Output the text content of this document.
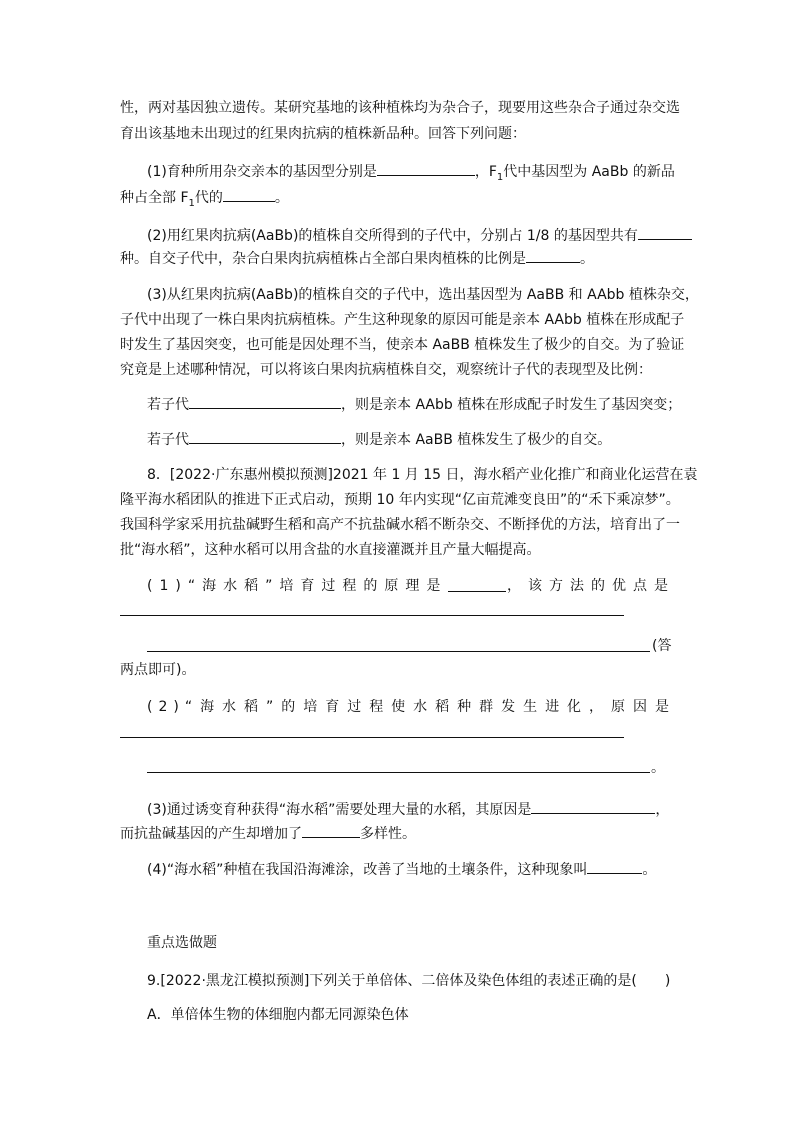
性，两对基因独立遗传。某研究基地的该种植株均为杂合子，现要用这些杂合子通过杂交选
育出该基地未出现过的红果肉抗病的植株新品种。回答下列问题：
(1)育种所用杂交亲本的基因型分别是	，$F_1$代中基因型为 AaBb 的新品
种占全部 $F_1$代的	。
(2)用红果肉抗病(AaBb)的植株自交所得到的子代中，分别占 1/8 的基因型共有
种。自交子代中，杂合白果肉抗病植株占全部白果肉植株的比例是	。
(3)从红果肉抗病(AaBb)的植株自交的子代中，选出基因型为 AaBB 和 AAbb 植株杂交，
子代中出现了一株白果肉抗病植株。产生这种现象的原因可能是亲本 AAbb 植株在形成配子
时发生了基因突变，也可能是因处理不当，使亲本 AaBB 植株发生了极少的自交。为了验证
究竟是上述哪种情况，可以将该白果肉抗病植株自交，观察统计子代的表现型及比例：
若子代	，则是亲本 AAbb 植株在形成配子时发生了基因突变；
若子代	，则是亲本 AaBB 植株发生了极少的自交。
8．[2022·广东惠州模拟预测]2021 年 1 月 15 日，海水稻产业化推广和商业化运营在袁
隆平海水稻团队的推进下正式启动，预期 10 年内实现“亿亩荒滩变良田”的“禾下乘凉梦”。
我国科学家采用抗盐碱野生稻和高产不抗盐碱水稻不断杂交、不断择优的方法，培育出了一
批“海水稻”，这种水稻可以用含盐的水直接灌溉并且产量大幅提高。
(1)“海水稻”培育过程的原理是	，该方法的优点是
(答
两点即可)。
(2)“海水稻”的培育过程使水稻种群发生进化，原因是
。
(3)通过诱变育种获得“海水稻”需要处理大量的水稻，其原因是	，
而抗盐碱基因的产生却增加了	多样性。
(4)“海水稻”种植在我国沿海滩涂，改善了当地的土壤条件，这种现象叫	。
重点选做题
9.[2022·黑龙江模拟预测]下列关于单倍体、二倍体及染色体组的表述正确的是(　　)
A．单倍体生物的体细胞内都无同源染色体
